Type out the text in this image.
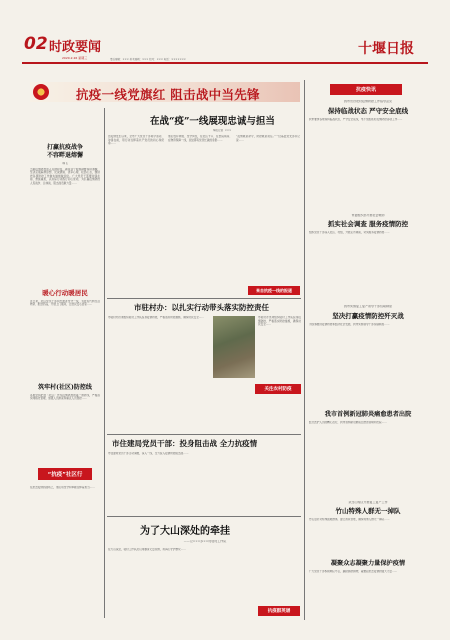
02 时政要闻
2020.2.26 星期三	责任编辑：××× 美术编辑：××× 校对：××× 电话：×××××××
十堰日报
抗疫一线党旗红 阻击战中当先锋
打赢抗疫战争
不容畔退熔懈
韩飞
当前疫情防控进入关键阶段，越是这个时候越要保持清醒，坚决克服麻痹思想、厌战情绪、侥幸心理、松劲心态，继续把各项防控工作做实做细做到位。广大党员干部要冲锋在前、勇挑重担，以实际行动践行初心使命，为打赢疫情防控人民战争、总体战、阻击战贡献力量……
暖心行动暖居民
连日来，社区党员干部和志愿者坚守一线，为居民代购生活物资、配送药品，开展上门服务，让居民安心居家……
筑牢村(社区)防控线
各地坚持把村（社区）作为疫情防控的第一道防线，严格落实网格化管理，加强人员排查和重点人员管控……
“抗疫”社区行
在抗击疫情的战场上，他们用坚守和奉献诠释着担当……
在战“疫”一线展现忠诚与担当
本报记者  ×××
自疫情发生以来，全市广大党员干部闻令而动、冲锋在前，用行动诠释着共产党员的初心和使命……
他们放弃休假、坚守岗位，在社区卡口、在医院病房、在物资保障一线，到处都有党员忙碌的身影……
“疫情就是命令，防控就是责任。”一位基层党支部书记说……
来自抗疫一线的报道
市驻村办：以扎实行动带头落实防控责任
市驻村办迅速组织驻村工作队投身疫情防控，严格落实防控措施，确保村民安全……	市驻村办迅速组织驻村工作队投身疫情防控，严格落实防控措施，确保村民安全……
关注农村防疫
市住建局党员干部：投身阻击战 全力抗疫情
市住建局党员干部主动请缨，深入一线，全力投入疫情防控阻击战……
为了大山深处的牵挂
——记×××乡××村驻村工作队
在大山深处，驻村工作队员们用脚步丈量民情，用真心守护群众……
抗疫群英谱
抗疫快讯
我市出台农村疫情防控工作指导意见
保持临战状态 严守安全底线
我市要求各地保持临战状态，严守安全底线，毫不放松抓好疫情防控各项工作……
市委组织部开展社会救助
抓实社会调查 服务疫情防控
组织党员干部深入社区、村组，开展走访调查，切实服务疫情防控……
我市实施复工复产领导干部包联制度
坚决打赢疫情防控歼灭战
为统筹推进疫情防控和经济社会发展，我市实施领导干部包联制度……
我市首例新冠肺炎痛愈患者出院
经过医护人员的精心治疗，我市首例新冠肺炎治愈患者顺利出院……
武当山特区开展复工复产工作
竹山特殊人群无一掉队
竹山县针对特殊困难群体，建立帮扶台账，确保特殊人群无一掉队……
凝聚众志凝聚力量保护疫情
广大党员干部积极响应号召，踊跃捐款捐物，凝聚起抗击疫情的强大力量……
